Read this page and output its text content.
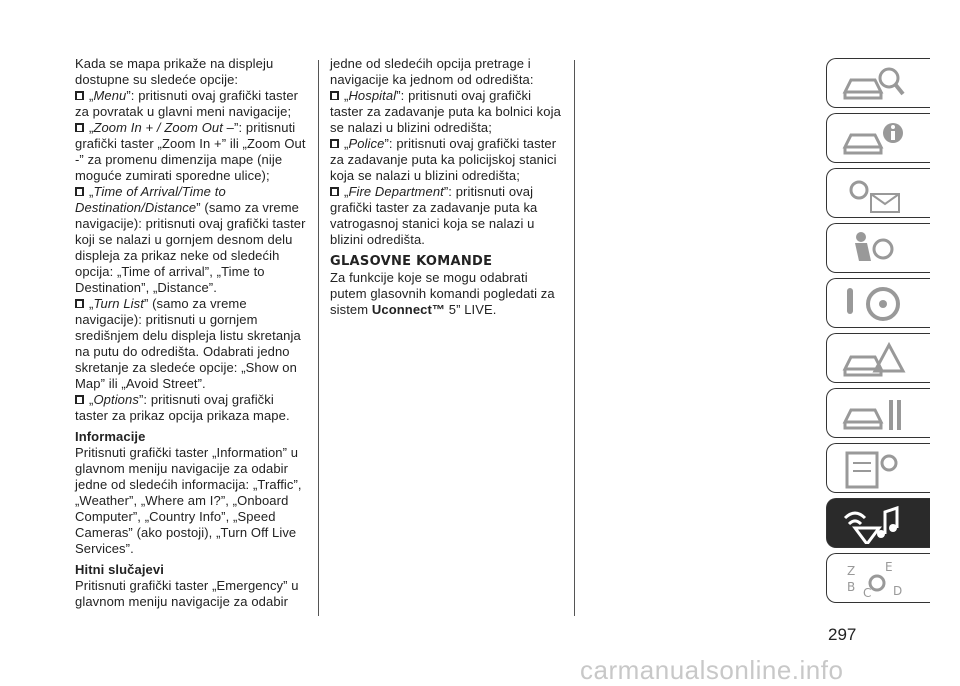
Kada se mapa prikaže na displeju dostupne su sledeće opcije:

„Menu”: pritisnuti ovaj grafički taster za povratak u glavni meni navigacije;

„Zoom In + / Zoom Out –”: pritisnuti grafički taster „Zoom In +” ili „Zoom Out -” za promenu dimenzija mape (nije moguće zumirati sporedne ulice);

„Time of Arrival/Time to Destination/Distance” (samo za vreme navigacije): pritisnuti ovaj grafički taster koji se nalazi u gornjem desnom delu displeja za prikaz neke od sledećih opcija: „Time of arrival”, „Time to Destination”, „Distance”.

„Turn List” (samo za vreme navigacije): pritisnuti u gornjem središnjem delu displeja listu skretanja na putu do odredišta. Odabrati jedno skretanje za sledeće opcije: „Show on Map” ili „Avoid Street”.

„Options”: pritisnuti ovaj grafički taster za prikaz opcija prikaza mape.

Informacije

Pritisnuti grafički taster „Information” u glavnom meniju navigacije za odabir jedne od sledećih informacija: „Traffic”, „Weather”, „Where am I?”, „Onboard Computer”, „Country Info”, „Speed Cameras” (ako postoji), „Turn Off Live Services”.

Hitni slučajevi

Pritisnuti grafički taster „Emergency” u glavnom meniju navigacije za odabir

jedne od sledećih opcija pretrage i navigacije ka jednom od odredišta:

„Hospital”: pritisnuti ovaj grafički taster za zadavanje puta ka bolnici koja se nalazi u blizini odredišta;

„Police”: pritisnuti ovaj grafički taster za zadavanje puta ka policijskoj stanici koja se nalazi u blizini odredišta;

„Fire Department”: pritisnuti ovaj grafički taster za zadavanje puta ka vatrogasnoj stanici koja se nalazi u blizini odredišta.

GLASOVNE KOMANDE

Za funkcije koje se mogu odabrati putem glasovnih komandi pogledati za sistem Uconnect™ 5” LIVE.

Z E
B C D
297
carmanualsonline.info
